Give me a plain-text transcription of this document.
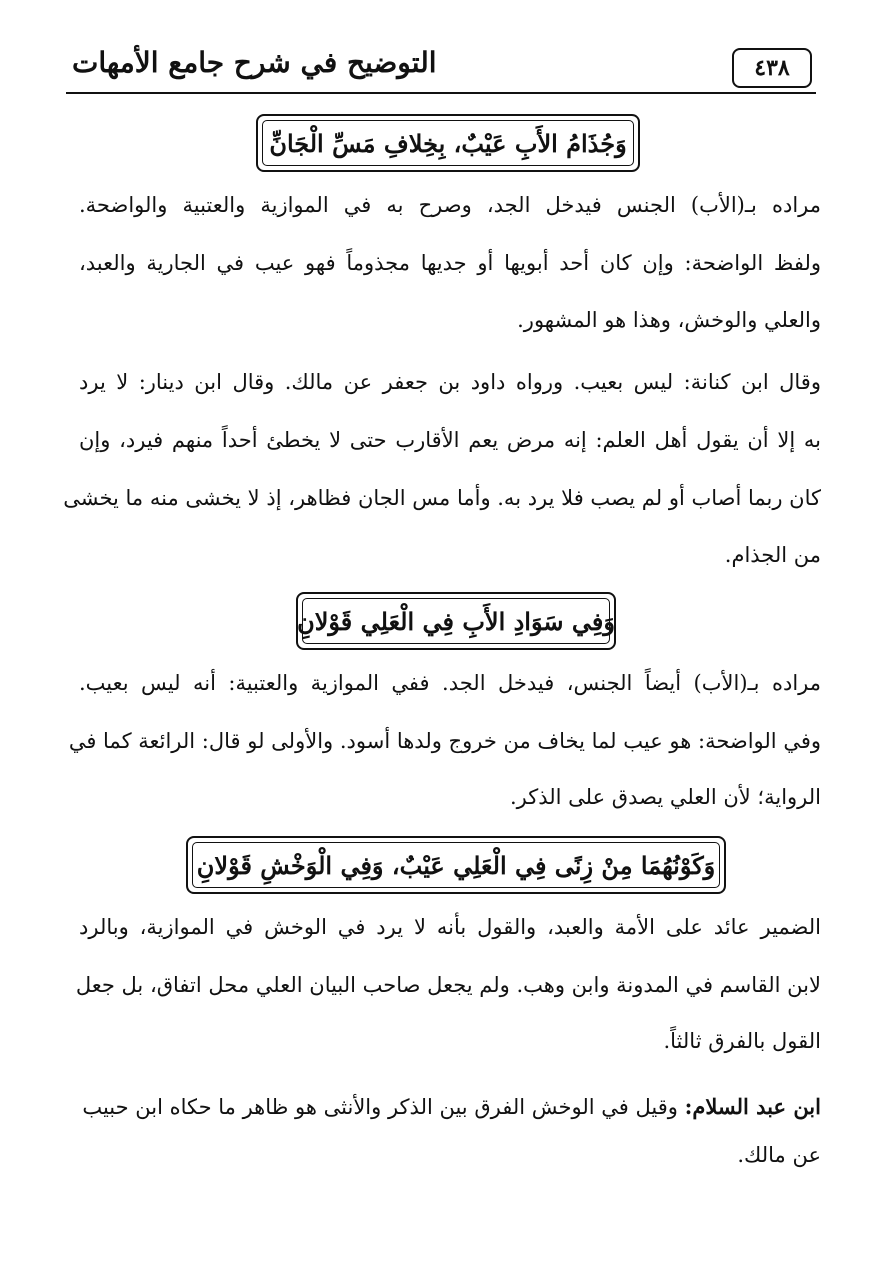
٤٣٨
التوضيح في شرح جامع الأمهات
وَجُذَامُ الأَبِ عَيْبٌ، بِخِلافِ مَسِّ الْجَانِّ
مراده بـ(الأب) الجنس فيدخل الجد، وصرح به في الموازية والعتبية والواضحة.
ولفظ الواضحة: وإن كان أحد أبويها أو جديها مجذوماً فهو عيب في الجارية والعبد،
والعلي والوخش، وهذا هو المشهور.
وقال ابن كنانة: ليس بعيب. ورواه داود بن جعفر عن مالك. وقال ابن دينار: لا يرد
به إلا أن يقول أهل العلم: إنه مرض يعم الأقارب حتى لا يخطئ أحداً منهم فيرد، وإن
كان ربما أصاب أو لم يصب فلا يرد به. وأما مس الجان فظاهر، إذ لا يخشى منه ما يخشى
من الجذام.
وَفِي سَوَادِ الأَبِ فِي الْعَلِي قَوْلانِ
مراده بـ(الأب) أيضاً الجنس، فيدخل الجد. ففي الموازية والعتبية: أنه ليس بعيب.
وفي الواضحة: هو عيب لما يخاف من خروج ولدها أسود. والأولى لو قال: الرائعة كما في
الرواية؛ لأن العلي يصدق على الذكر.
وَكَوْنُهُمَا مِنْ زِنًى فِي الْعَلِي عَيْبٌ، وَفِي الْوَخْشِ قَوْلانِ
الضمير عائد على الأمة والعبد، والقول بأنه لا يرد في الوخش في الموازية، وبالرد
لابن القاسم في المدونة وابن وهب. ولم يجعل صاحب البيان العلي محل اتفاق، بل جعل
القول بالفرق ثالثاً.
ابن عبد السلام: وقيل في الوخش الفرق بين الذكر والأنثى هو ظاهر ما حكاه ابن حبيب
عن مالك.
